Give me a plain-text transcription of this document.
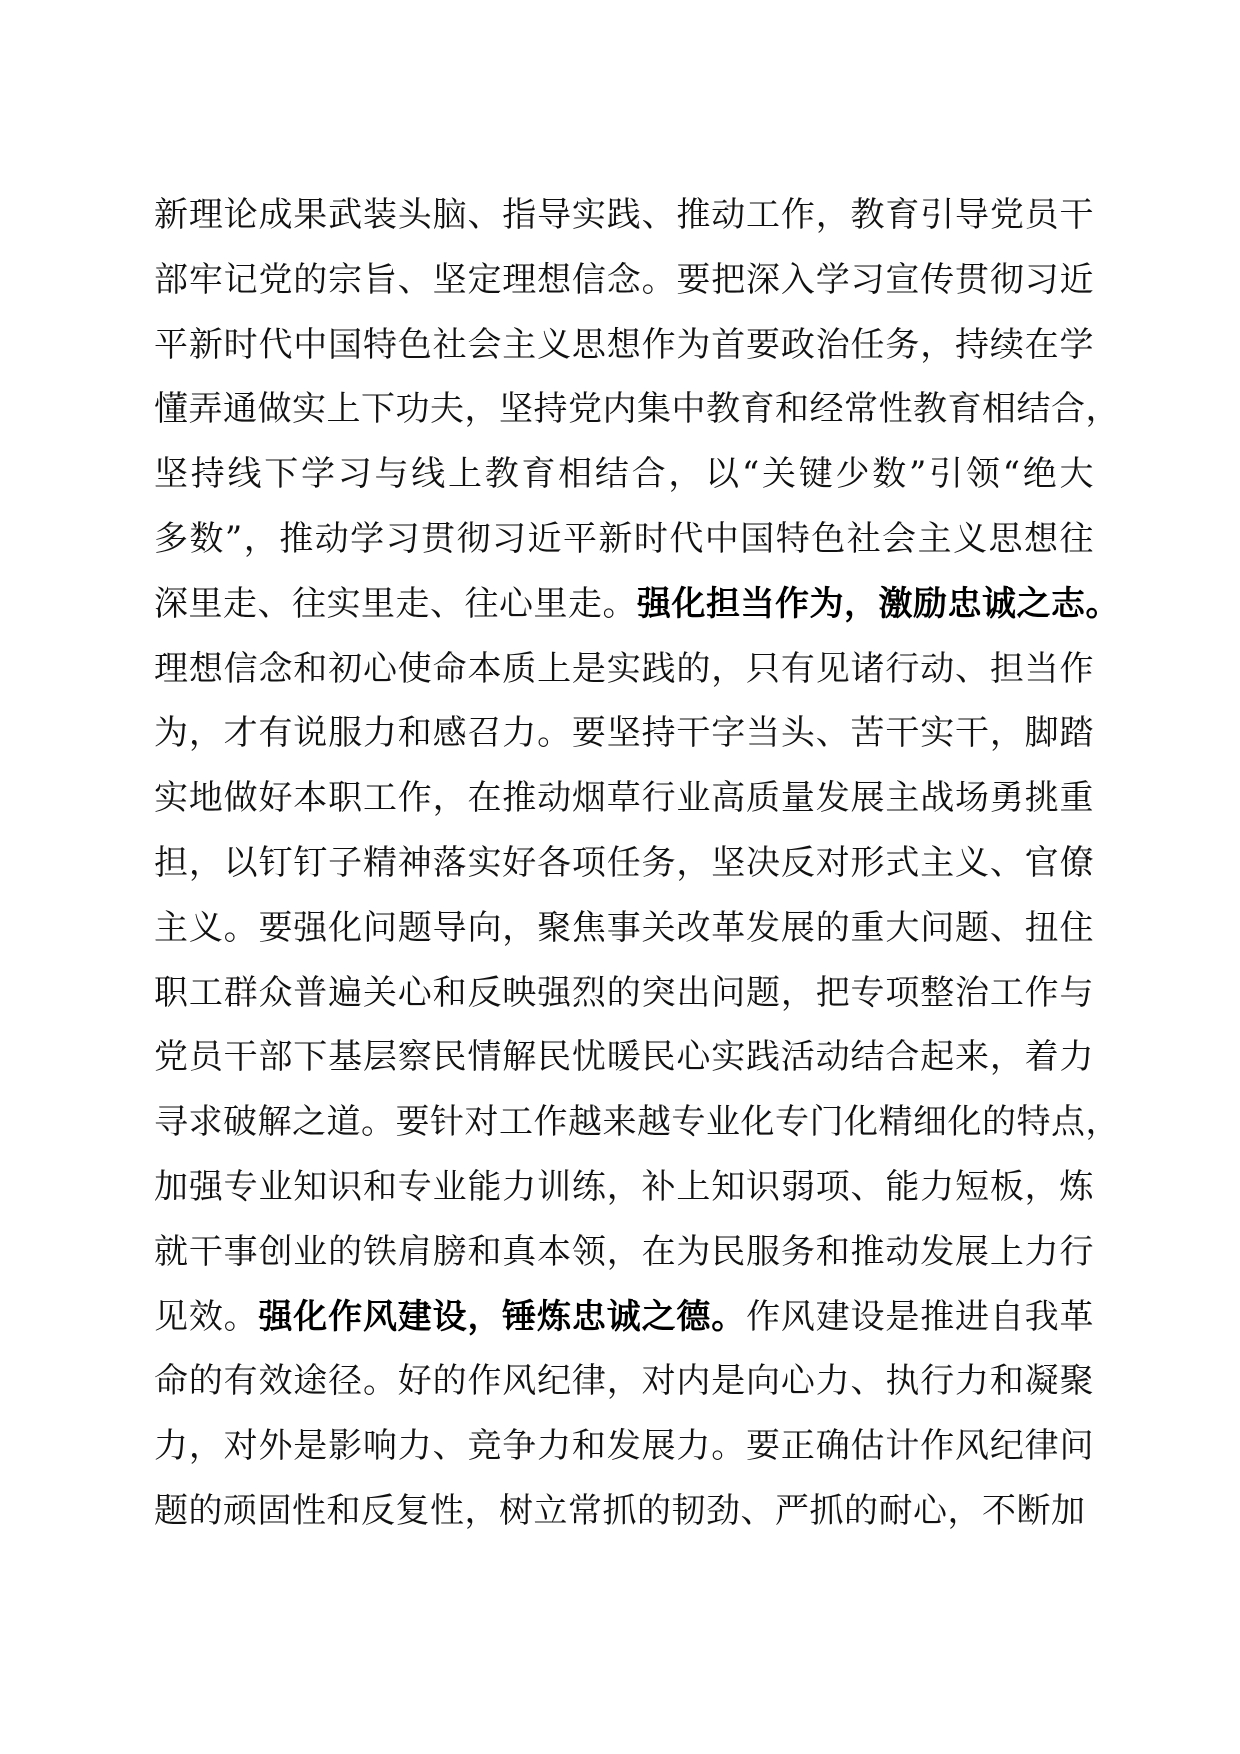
新理论成果武装头脑、指导实践、推动工作，教育引导党员干
部牢记党的宗旨、坚定理想信念。要把深入学习宣传贯彻习近
平新时代中国特色社会主义思想作为首要政治任务，持续在学
懂弄通做实上下功夫，坚持党内集中教育和经常性教育相结合，
坚持线下学习与线上教育相结合，以“关键少数”引领“绝大
多数”，推动学习贯彻习近平新时代中国特色社会主义思想往
深里走、往实里走、往心里走。强化担当作为，激励忠诚之志。
理想信念和初心使命本质上是实践的，只有见诸行动、担当作
为，才有说服力和感召力。要坚持干字当头、苦干实干，脚踏
实地做好本职工作，在推动烟草行业高质量发展主战场勇挑重
担，以钉钉子精神落实好各项任务，坚决反对形式主义、官僚
主义。要强化问题导向，聚焦事关改革发展的重大问题、扭住
职工群众普遍关心和反映强烈的突出问题，把专项整治工作与
党员干部下基层察民情解民忧暖民心实践活动结合起来，着力
寻求破解之道。要针对工作越来越专业化专门化精细化的特点，
加强专业知识和专业能力训练，补上知识弱项、能力短板，炼
就干事创业的铁肩膀和真本领，在为民服务和推动发展上力行
见效。强化作风建设，锤炼忠诚之德。作风建设是推进自我革
命的有效途径。好的作风纪律，对内是向心力、执行力和凝聚
力，对外是影响力、竞争力和发展力。要正确估计作风纪律问
题的顽固性和反复性，树立常抓的韧劲、严抓的耐心，不断加
